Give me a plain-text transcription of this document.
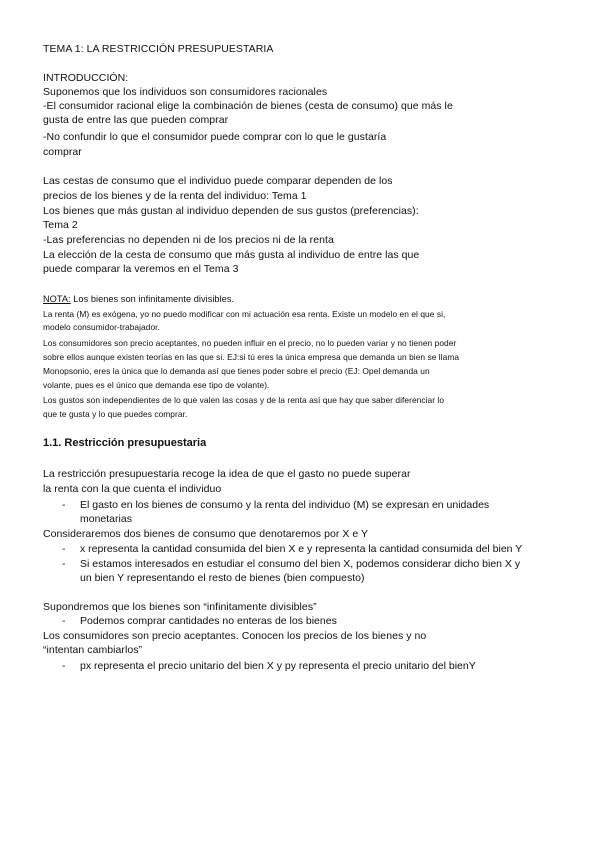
TEMA 1: LA RESTRICCIÓN PRESUPUESTARIA
INTRODUCCIÓN:
Suponemos que los individuos son consumidores racionales
-El consumidor racional elige la combinación de bienes (cesta de consumo) que más le
gusta de entre las que pueden comprar
-No confundir lo que el consumidor puede comprar con lo que le gustaría
comprar
Las cestas de consumo que el individuo puede comparar dependen de los
precios de los bienes y de la renta del individuo: Tema 1
Los bienes que más gustan al individuo dependen de sus gustos (preferencias):
Tema 2
-Las preferencias no dependen ni de los precios ni de la renta
La elección de la cesta de consumo que más gusta al individuo de entre las que
puede comparar la veremos en el Tema 3
NOTA: Los bienes son infinitamente divisibles.
La renta (M) es exógena, yo no puedo modificar con mi actuación esa renta. Existe un modelo en el que si,
modelo consumidor-trabajador.
Los consumidores son precio aceptantes, no pueden influir en el precio, no lo pueden variar y no tienen poder
sobre ellos aunque existen teorías en las que si. EJ:si tú eres la única empresa que demanda un bien se llama
Monopsonio, eres la única que lo demanda así que tienes poder sobre el precio (EJ: Opel demanda un
volante, pues es el único que demanda ese tipo de volante).
Los gustos son independientes de lo que valen las cosas y de la renta así que hay que saber diferenciar lo
que te gusta y lo que puedes comprar.
1.1. Restricción presupuestaria
La restricción presupuestaria recoge la idea de que el gasto no puede superar
la renta con la que cuenta el individuo
- El gasto en los bienes de consumo y la renta del individuo (M) se expresan en unidades
monetarias
Consideraremos dos bienes de consumo que denotaremos por X e Y
- x representa la cantidad consumida del bien X e y representa la cantidad consumida del bien Y
- Si estamos interesados en estudiar el consumo del bien X, podemos considerar dicho bien X y
un bien Y representando el resto de bienes (bien compuesto)
Supondremos que los bienes son “infinitamente divisibles”
- Podemos comprar cantidades no enteras de los bienes
Los consumidores son precio aceptantes. Conocen los precios de los bienes y no
“intentan cambiarlos”
- px representa el precio unitario del bien X y py representa el precio unitario del bienY
